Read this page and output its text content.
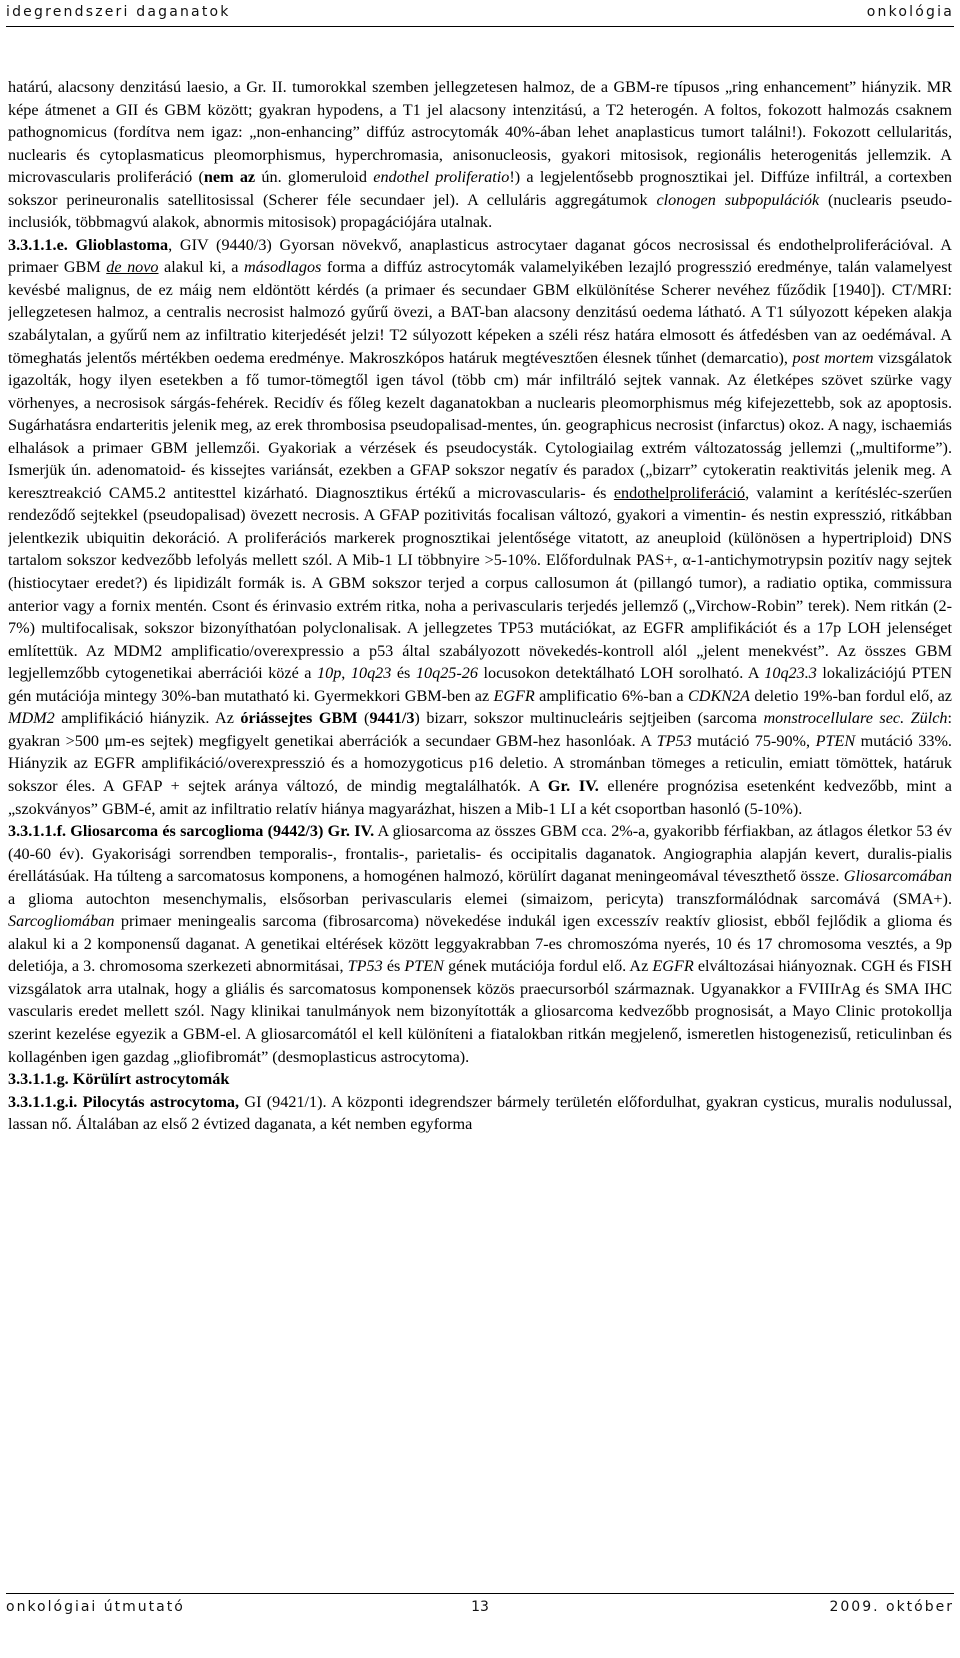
idegrendszeri daganatok	onkológia

határú, alacsony denzitású laesio, a Gr. II. tumorokkal szemben jellegzetesen halmoz, de a GBM-re típusos „ring enhancement” hiányzik. MR képe átmenet a GII és GBM között; gyakran hypodens, a T1 jel alacsony intenzitású, a T2 heterogén. A foltos, fokozott halmozás csaknem pathognomicus (fordítva nem igaz: „non-enhancing” diffúz astrocytomák 40%-ában lehet anaplasticus tumort találni!). Fokozott cellularitás, nuclearis és cytoplasmaticus pleomorphismus, hyperchromasia, anisonucleosis, gyakori mitosisok, regionális heterogenitás jellemzik. A microvascularis proliferáció (nem az ún. glomeruloid endothel proliferatio!) a legjelentősebb prognosztikai jel. Diffúze infiltrál, a cortexben sokszor perineuronalis satellitosissal (Scherer féle secundaer jel). A celluláris aggregátumok clonogen subpopulációk (nuclearis pseudo-inclusiók, többmagvú alakok, abnormis mitosisok) propagációjára utalnak.

3.3.1.1.e. Glioblastoma, GIV (9440/3) Gyorsan növekvő, anaplasticus astrocytaer daganat gócos necrosissal és endothelproliferációval. A primaer GBM de novo alakul ki, a másodlagos forma a diffúz astrocytomák valamelyikében lezajló progresszió eredménye, talán valamelyest kevésbé malignus, de ez máig nem eldöntött kérdés (a primaer és secundaer GBM elkülönítése Scherer nevéhez fűződik [1940]). CT/MRI: jellegzetesen halmoz, a centralis necrosist halmozó gyűrű övezi, a BAT-ban alacsony denzitású oedema látható. A T1 súlyozott képeken alakja szabálytalan, a gyűrű nem az infiltratio kiterjedését jelzi! T2 súlyozott képeken a széli rész határa elmosott és átfedésben van az oedémával. A tömeghatás jelentős mértékben oedema eredménye. Makroszkópos határuk megtévesztően élesnek tűnhet (demarcatio), post mortem vizsgálatok igazolták, hogy ilyen esetekben a fő tumor-tömegtől igen távol (több cm) már infiltráló sejtek vannak. Az életképes szövet szürke vagy vörhenyes, a necrosisok sárgás-fehérek. Recidív és főleg kezelt daganatokban a nuclearis pleomorphismus még kifejezettebb, sok az apoptosis. Sugárhatásra endarteritis jelenik meg, az erek thrombosisa pseudopalisad-mentes, ún. geographicus necrosist (infarctus) okoz. A nagy, ischaemiás elhalások a primaer GBM jellemzői. Gyakoriak a vérzések és pseudocysták. Cytologiailag extrém változatosság jellemzi („multiforme”). Ismerjük ún. adenomatoid- és kissejtes variánsát, ezekben a GFAP sokszor negatív és paradox („bizarr” cytokeratin reaktivitás jelenik meg. A keresztreakció CAM5.2 antitesttel kizárható. Diagnosztikus értékű a microvascularis- és endothelproliferáció, valamint a kerítésléc-szerűen rendeződő sejtekkel (pseudopalisad) övezett necrosis. A GFAP pozitivitás focalisan változó, gyakori a vimentin- és nestin expresszió, ritkábban jelentkezik ubiquitin dekoráció. A proliferációs markerek prognosztikai jelentősége vitatott, az aneuploid (különösen a hypertriploid) DNS tartalom sokszor kedvezőbb lefolyás mellett szól. A Mib-1 LI többnyire >5-10%. Előfordulnak PAS+, α-1-antichymotrypsin pozitív nagy sejtek (histiocytaer eredet?) és lipidizált formák is. A GBM sokszor terjed a corpus callosumon át (pillangó tumor), a radiatio optika, commissura anterior vagy a fornix mentén. Csont és érinvasio extrém ritka, noha a perivascularis terjedés jellemző („Virchow-Robin” terek). Nem ritkán (2-7%) multifocalisak, sokszor bizonyíthatóan polyclonalisak. A jellegzetes TP53 mutációkat, az EGFR amplifikációt és a 17p LOH jelenséget említettük. Az MDM2 amplificatio/overexpressio a p53 által szabályozott növekedés-kontroll alól „jelent menekvést”. Az összes GBM legjellemzőbb cytogenetikai aberrációi közé a 10p, 10q23 és 10q25-26 locusokon detektálható LOH sorolható. A 10q23.3 lokalizációjú PTEN gén mutációja mintegy 30%-ban mutatható ki. Gyermekkori GBM-ben az EGFR amplificatio 6%-ban a CDKN2A deletio 19%-ban fordul elő, az MDM2 amplifikáció hiányzik. Az óriássejtes GBM (9441/3) bizarr, sokszor multinucleáris sejtjeiben (sarcoma monstrocellulare sec. Zülch: gyakran >500 μm-es sejtek) megfigyelt genetikai aberrációk a secundaer GBM-hez hasonlóak. A TP53 mutáció 75-90%, PTEN mutáció 33%. Hiányzik az EGFR amplifikáció/overexpressziό és a homozygoticus p16 deletio. A strománban tömeges a reticulin, emiatt tömöttek, határuk sokszor éles. A GFAP + sejtek aránya változó, de mindig megtalálhatók. A Gr. IV. ellenére prognózisa esetenként kedvezőbb, mint a „szokványos” GBM-é, amit az infiltratio relatív hiánya magyarázhat, hiszen a Mib-1 LI a két csoportban hasonló (5-10%).

3.3.1.1.f. Gliosarcoma és sarcoglioma (9442/3) Gr. IV. A gliosarcoma az összes GBM cca. 2%-a, gyakoribb férfiakban, az átlagos életkor 53 év (40-60 év). Gyakorisági sorrendben temporalis-, frontalis-, parietalis- és occipitalis daganatok. Angiographia alapján kevert, duralis-pialis érellátásúak. Ha túlteng a sarcomatosus komponens, a homogénen halmozó, körülírt daganat meningeomával téveszthető össze. Gliosarcomában a glioma autochton mesenchymalis, elsősorban perivascularis elemei (simaizom, pericyta) transzformálódnak sarcomává (SMA+). Sarcogliomában primaer meningealis sarcoma (fibrosarcoma) növekedése indukál igen excesszív reaktív gliosist, ebből fejlődik a glioma és alakul ki a 2 komponensű daganat. A genetikai eltérések között leggyakrabban 7-es chromoszóma nyerés, 10 és 17 chromosoma vesztés, a 9p deletiója, a 3. chromosoma szerkezeti abnormitásai, TP53 és PTEN gének mutációja fordul elő. Az EGFR elváltozásai hiányoznak. CGH és FISH vizsgálatok arra utalnak, hogy a gliális és sarcomatosus komponensek közös praecursorból származnak. Ugyanakkor a FVIIIrAg és SMA IHC vascularis eredet mellett szól. Nagy klinikai tanulmányok nem bizonyították a gliosarcoma kedvezőbb prognosisát, a Mayo Clinic protokollja szerint kezelése egyezik a GBM-el. A gliosarcomától el kell különíteni a fiatalokban ritkán megjelenő, ismeretlen histogenezisű, reticulinban és kollagénben igen gazdag „gliofibromát” (desmoplasticus astrocytoma).

3.3.1.1.g. Körülírt astrocytomák

3.3.1.1.g.i. Pilocytás astrocytoma, GI (9421/1). A központi idegrendszer bármely területén előfordulhat, gyakran cysticus, muralis nodulussal, lassan nő. Általában az első 2 évtized daganata, a két nemben egyforma

onkológiai útmutató	13	2009. október
